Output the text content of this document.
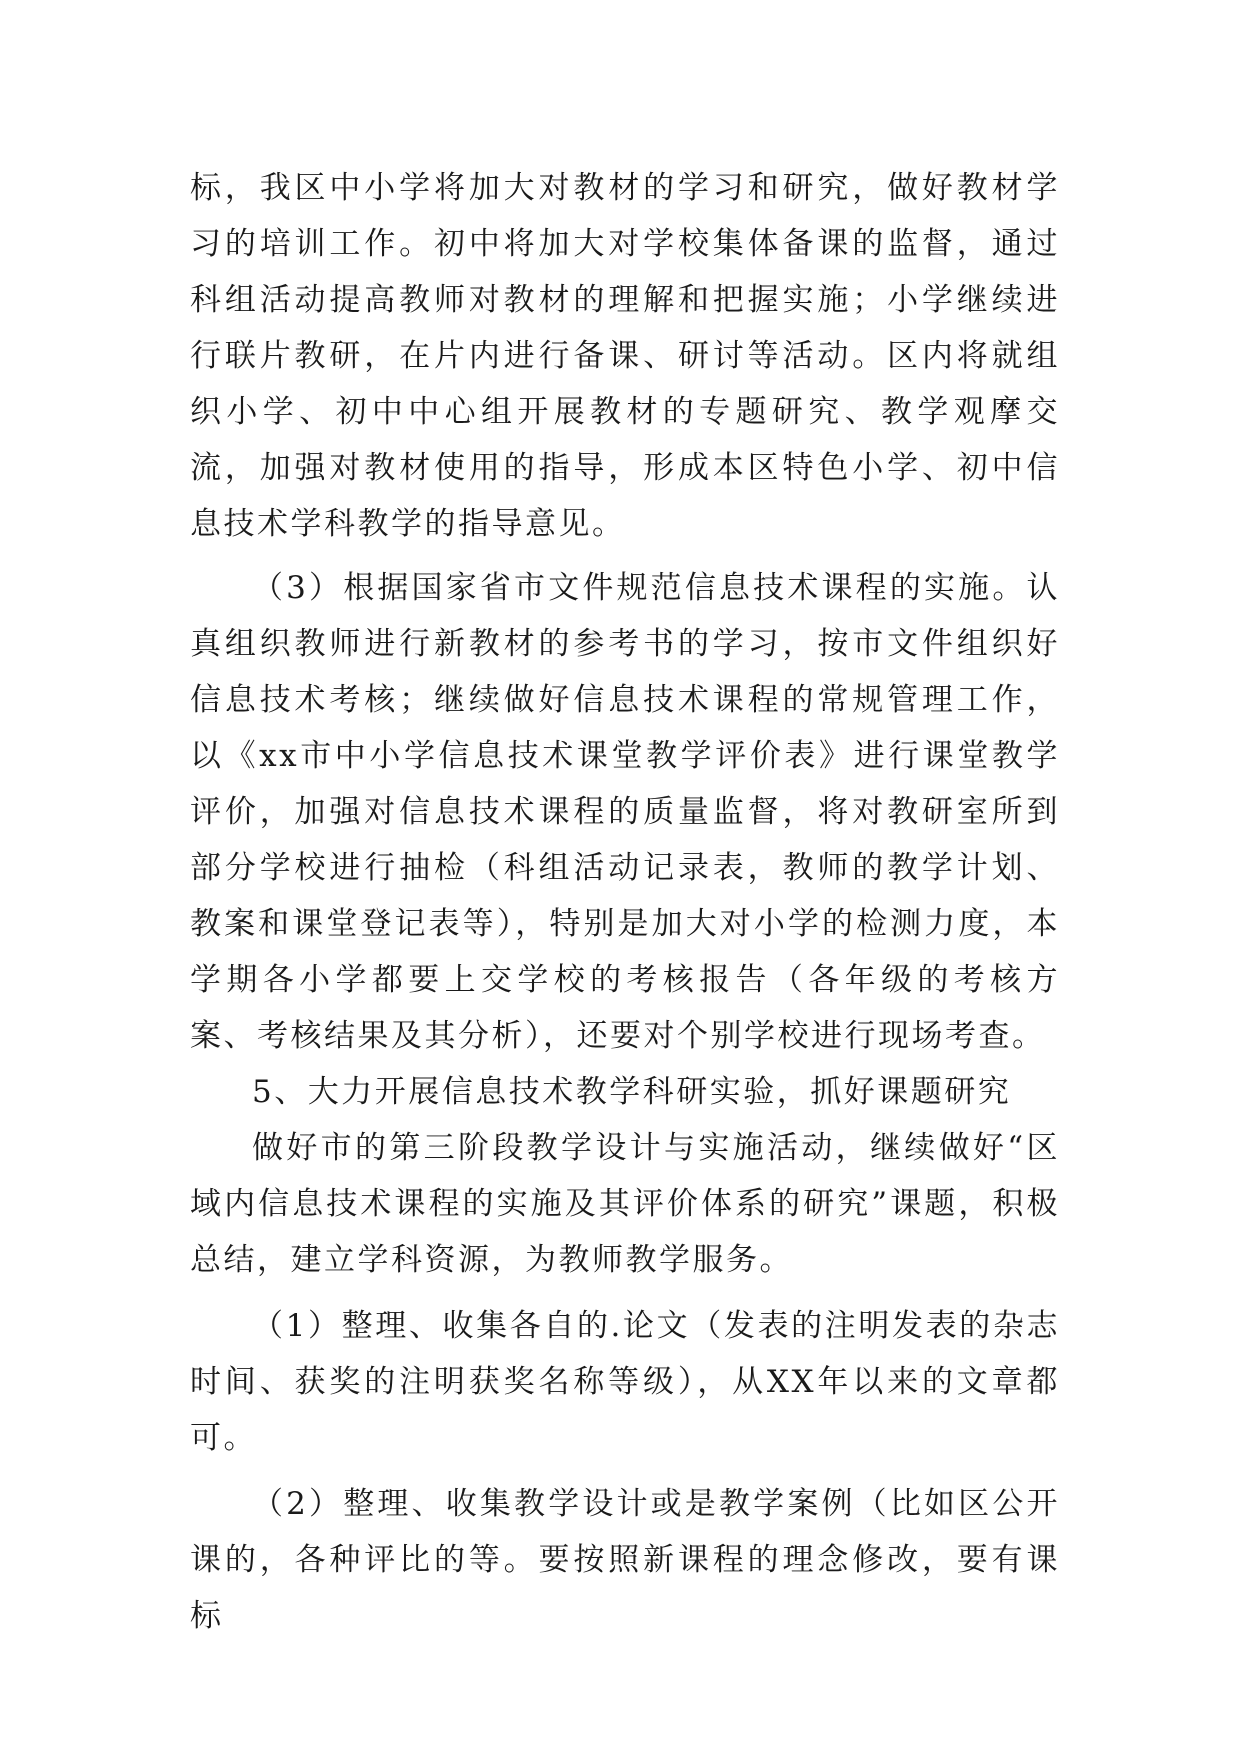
标，我区中小学将加大对教材的学习和研究，做好教材学习的培训工作。初中将加大对学校集体备课的监督，通过科组活动提高教师对教材的理解和把握实施；小学继续进行联片教研，在片内进行备课、研讨等活动。区内将就组织小学、初中中心组开展教材的专题研究、教学观摩交流，加强对教材使用的指导，形成本区特色小学、初中信息技术学科教学的指导意见。

（3）根据国家省市文件规范信息技术课程的实施。认真组织教师进行新教材的参考书的学习，按市文件组织好信息技术考核；继续做好信息技术课程的常规管理工作，以《xx市中小学信息技术课堂教学评价表》进行课堂教学评价，加强对信息技术课程的质量监督，将对教研室所到部分学校进行抽检（科组活动记录表，教师的教学计划、教案和课堂登记表等），特别是加大对小学的检测力度，本学期各小学都要上交学校的考核报告（各年级的考核方案、考核结果及其分析），还要对个别学校进行现场考查。

5、大力开展信息技术教学科研实验，抓好课题研究

做好市的第三阶段教学设计与实施活动，继续做好“区域内信息技术课程的实施及其评价体系的研究”课题，积极总结，建立学科资源，为教师教学服务。

（1）整理、收集各自的.论文（发表的注明发表的杂志时间、获奖的注明获奖名称等级），从XX年以来的文章都可。

（2）整理、收集教学设计或是教学案例（比如区公开课的，各种评比的等。要按照新课程的理念修改，要有课标
